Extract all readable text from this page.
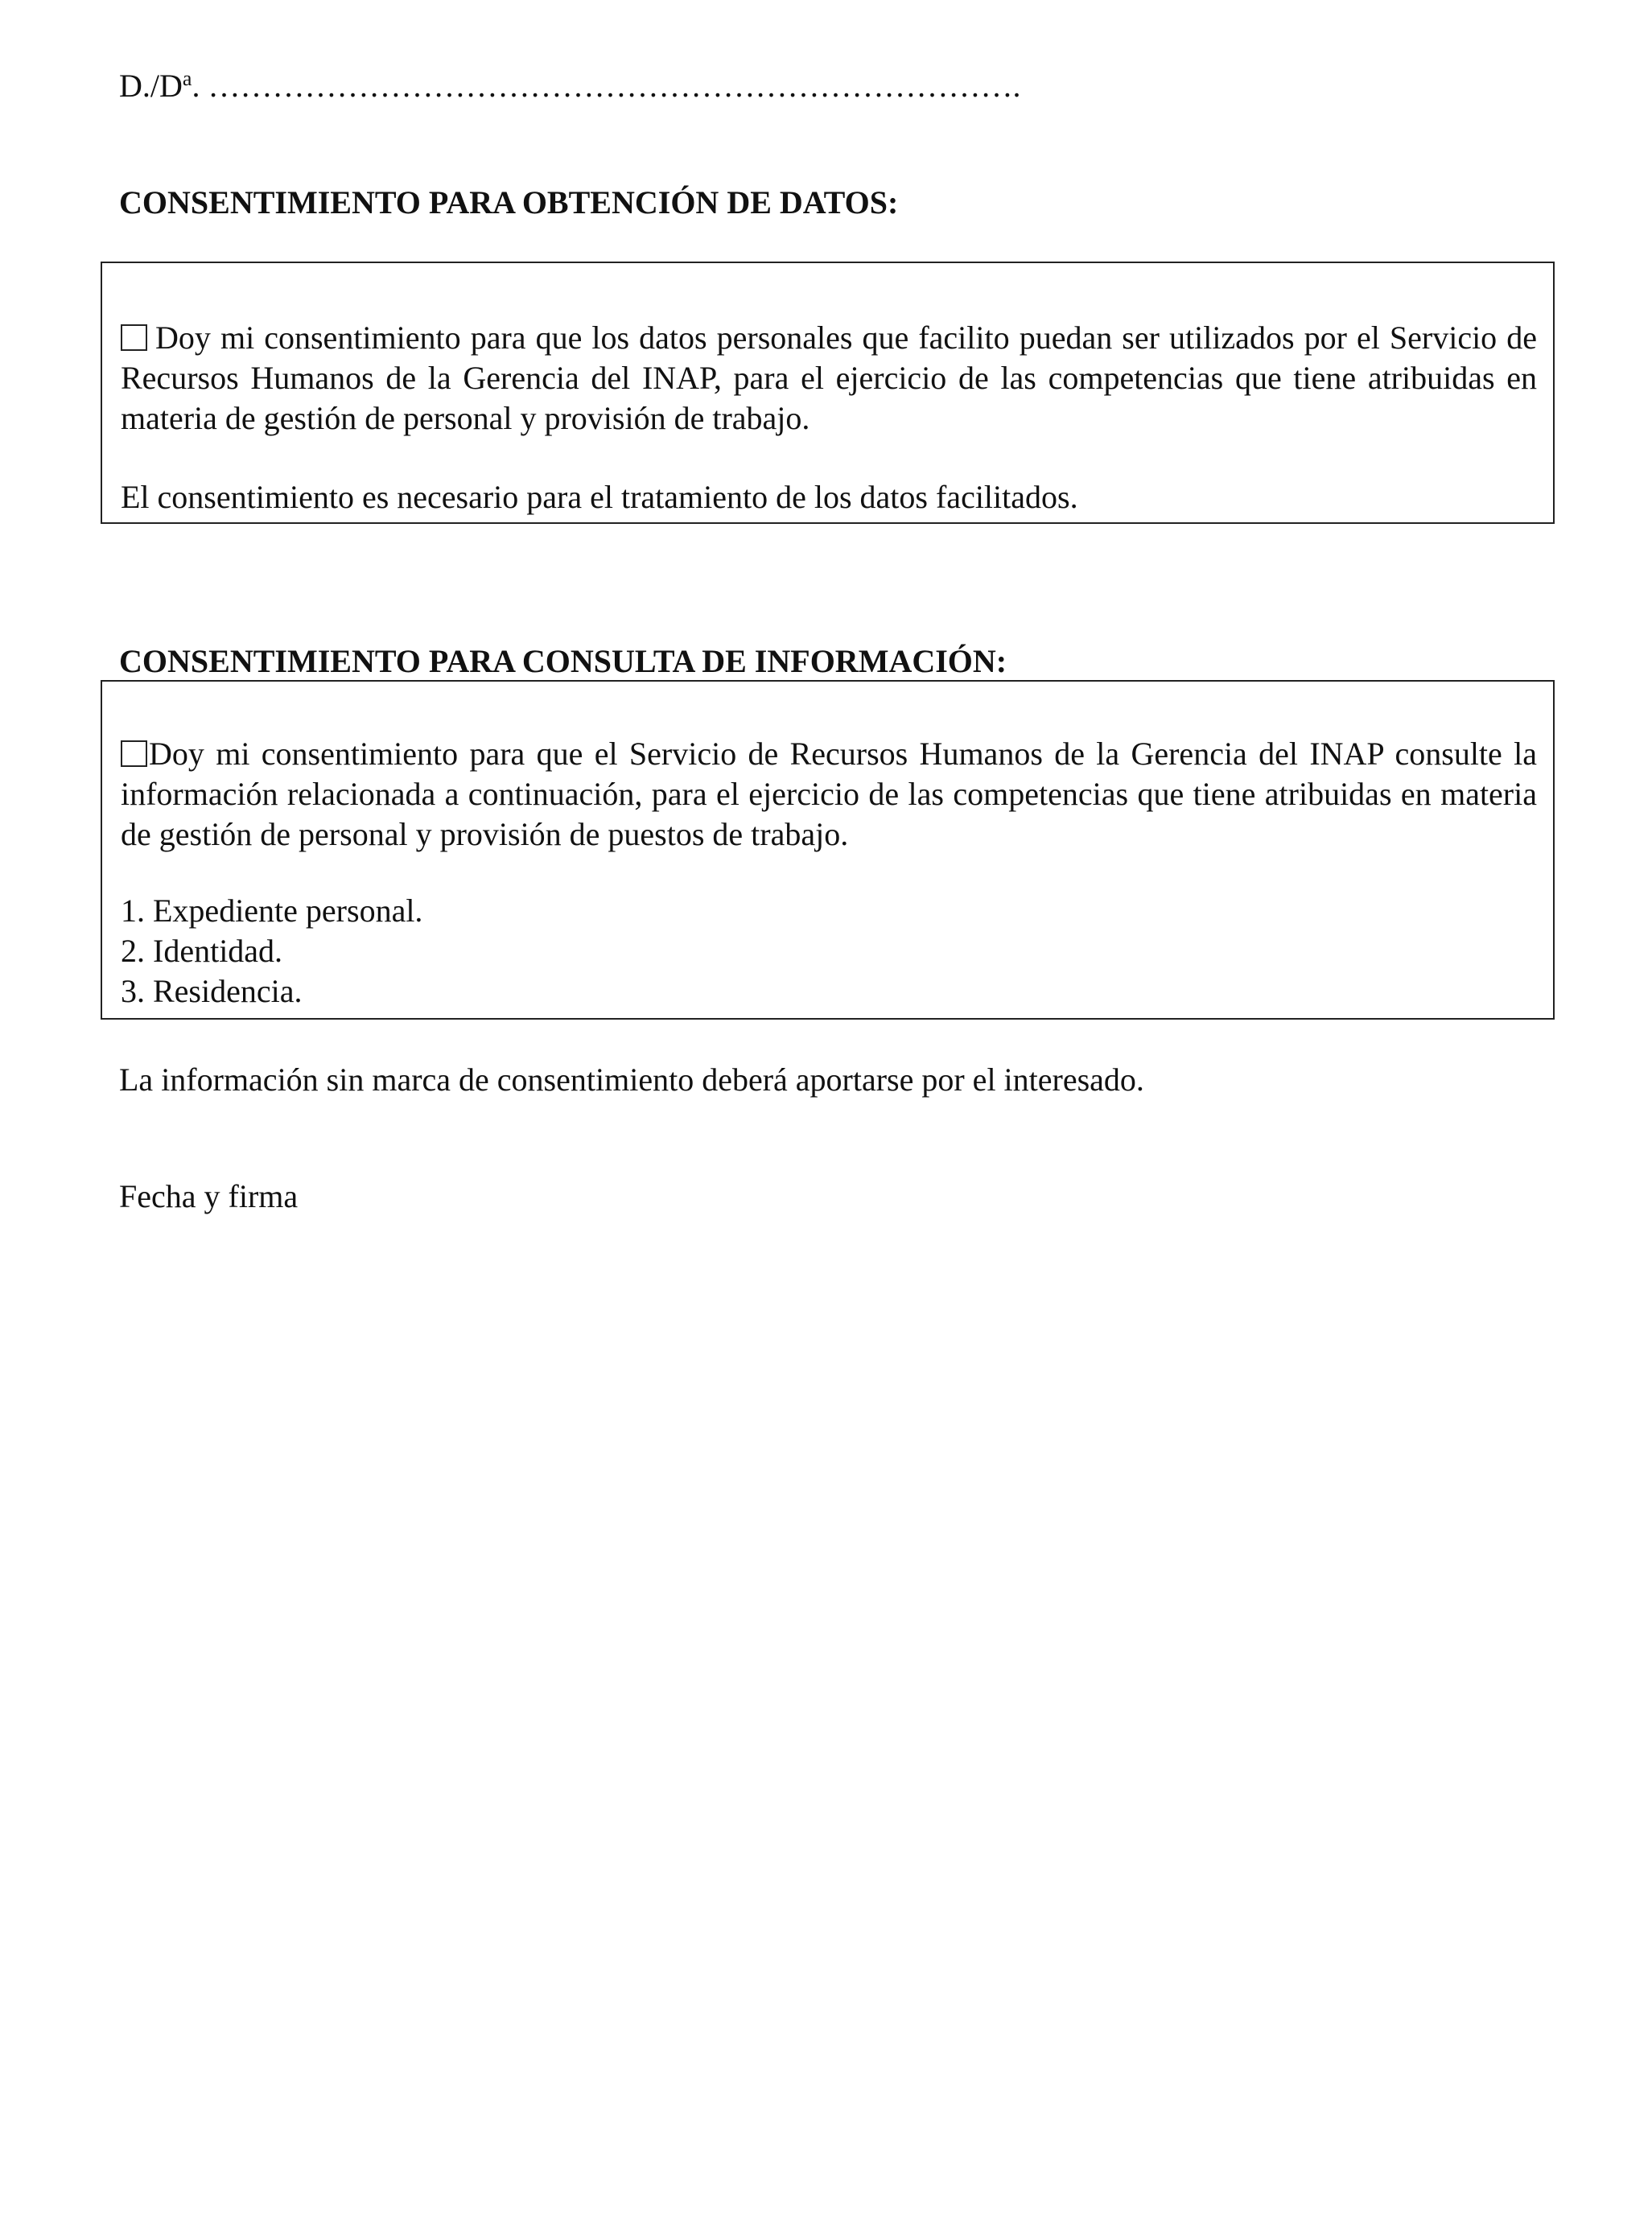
$D./D^a$. ………………………………………………………………….
CONSENTIMIENTO PARA OBTENCIÓN DE DATOS:

Doy mi consentimiento para que los datos personales que facilito puedan ser utilizados por el Servicio de Recursos Humanos de la Gerencia del INAP, para el ejercicio de las competencias que tiene atribuidas en materia de gestión de personal y provisión de trabajo.

El consentimiento es necesario para el tratamiento de los datos facilitados.

CONSENTIMIENTO PARA CONSULTA DE INFORMACIÓN:

Doy mi consentimiento para que el Servicio de Recursos Humanos de la Gerencia del INAP consulte la información relacionada a continuación, para el ejercicio de las competencias que tiene atribuidas en materia de gestión de personal y provisión de puestos de trabajo.

1. Expediente personal.
2. Identidad.
3. Residencia.
La información sin marca de consentimiento deberá aportarse por el interesado.
Fecha y firma
